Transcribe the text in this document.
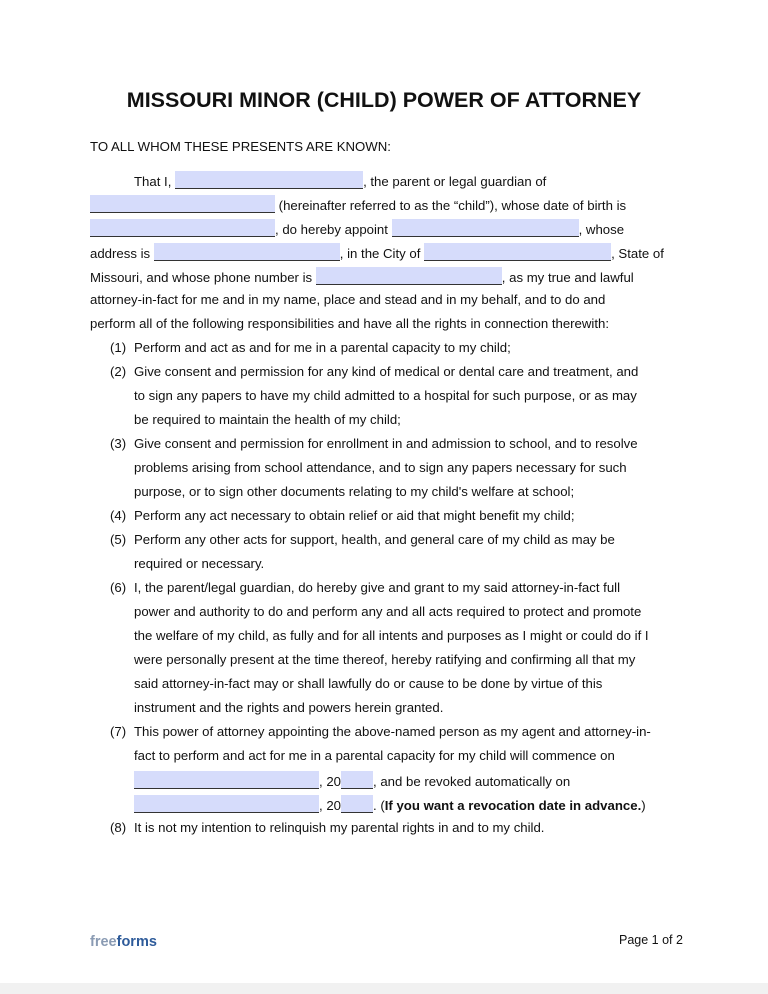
MISSOURI MINOR (CHILD) POWER OF ATTORNEY
TO ALL WHOM THESE PRESENTS ARE KNOWN:
That I,	, the parent or legal guardian of
(hereinafter referred to as the “child”), whose date of birth is
, do hereby appoint	, whose
address is	, in the City of	, State of
Missouri, and whose phone number is	, as my true and lawful
attorney-in-fact for me and in my name, place and stead and in my behalf, and to do and
perform all of the following responsibilities and have all the rights in connection therewith:
(1) Perform and act as and for me in a parental capacity to my child;
(2) Give consent and permission for any kind of medical or dental care and treatment, and
to sign any papers to have my child admitted to a hospital for such purpose, or as may
be required to maintain the health of my child;
(3) Give consent and permission for enrollment in and admission to school, and to resolve
problems arising from school attendance, and to sign any papers necessary for such
purpose, or to sign other documents relating to my child's welfare at school;
(4) Perform any act necessary to obtain relief or aid that might benefit my child;
(5) Perform any other acts for support, health, and general care of my child as may be
required or necessary.
(6) I, the parent/legal guardian, do hereby give and grant to my said attorney-in-fact full
power and authority to do and perform any and all acts required to protect and promote
the welfare of my child, as fully and for all intents and purposes as I might or could do if I
were personally present at the time thereof, hereby ratifying and confirming all that my
said attorney-in-fact may or shall lawfully do or cause to be done by virtue of this
instrument and the rights and powers herein granted.
(7) This power of attorney appointing the above-named person as my agent and attorney-in-
fact to perform and act for me in a parental capacity for my child will commence on
, 20 , and be revoked automatically on
, 20 . (If you want a revocation date in advance.)
(8) It is not my intention to relinquish my parental rights in and to my child.
freeforms	Page 1 of 2
